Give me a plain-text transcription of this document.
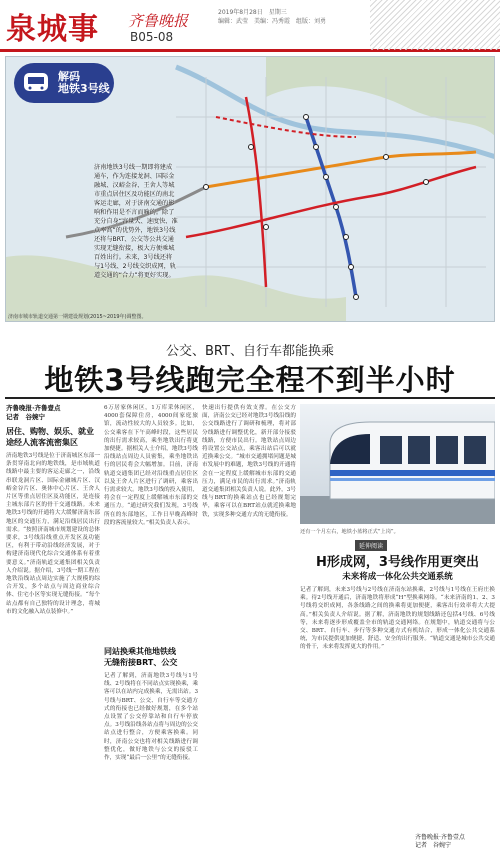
泉城事 齐鲁晚报
B05-08
2019年8月28日　星期三
编辑：武莹　美编：冯秀霞　组版：刘勇
解码
地铁3号线
济南地铁3号线一期即将建成通车，作为连接龙洞、国际金融城、汉峪金谷、王舍人等城市重点居住区及功能区的南北客运走廊，对于济南交通的影响和作用是不言而喻的。除了充分自身“容量大、速度快、准点率高”的优势外，地铁3号线还将与BRT、公交等公共交通实现无缝衔接，极大方便乘城百姓出行。未来，3号线还将与1号线、2号线交织成网，轨道交通的“合力”将更好实现。
济南市城市轨道交通第一期建设规划(2015~2019年)调整图。
公交、BRT、自行车都能换乘
地铁3号线跑完全程不到半小时
齐鲁晚报·齐鲁壹点
记者　谷婉宁
居住、购物、娱乐、就业
途经人流客流密集区
济南地铁3号线是位于济南城区东部一条贯穿南北向的地铁线，是市域轨道线路中最主要的客运走廊之一，沿线串联龙洞片区、国际金融城片区、汉峪金谷片区、奥体中心片区、王舍人片区等重点居住区及功能区，是连接主城东部片区的骨干交通线路。未来地铁3号线的开通将大大缓解济南东部地区的交通压力，满足沿线居民出行需求。“按照济南城市规划建设的总体要求，3号线沿线重点开发区及功能区，有利于带动沿线经济发展，对于构建济南现代化综合交通体系有着重要意义。”济南轨道交通集团相关负责人介绍说。据介绍，3号线一期工程在地铁沿线站点周边实施了大规模的综合开发，多个站点与周边商业综合体、住宅小区等实现无缝衔接。“每个站点都有自己独特的设计理念，将城市的文化融入站点装修中。”
6万居家休闲区，1万库采休闲区，4000套保障住房，4000间家庭旅馆，流动性较大的人员较多。比如，公交乘客在下午高峰时段，这些居民的出行需求较高，乘坐地铁出行将更加便捷。据相关人士介绍，地铁3号线沿线站点周边人员密集，乘坐地铁出行的居民将会大幅增加。目前，济南轨道交通集团已经对沿线重点居住区以及王舍人片区进行了调研，乘客出行需求较大。地铁3号线的投入使用，将会在一定程度上缓解城市东部的交通压力。“通过研究我们发现，3号线所在的东部地区，工作日早晚高峰时段的客流量较大。”相关负责人表示。
同站换乘其他地铁线
无缝衔接BRT、公交
记者了解到，济南地铁3号线与1号线、2号线将在不同站点实现换乘，乘客可以在站内完成换乘，无需出站。3号线与BRT、公交、自行车等交通方式的衔接也已经做好规划，在多个站点设置了公交停靠站和自行车停放点。3号线沿线各站点将与周边的公交站点进行整合，方便乘客换乘。同时，济南公交也将对相关线路进行调整优化，做好地铁与公交的接驳工作，实现“最后一公里”的无缝衔接。
快速出行提供有效支撑。在公交方面，济南公交已经对地铁3号线沿线的公交线路进行了调研和梳理，将对部分线路进行调整优化，新开部分接驳线路，方便市民出行。地铁站点周边将设置公交站点，乘客出站后可以就近换乘公交。“城市交通拥堵问题是城市发展中的难题，地铁3号线的开通将会在一定程度上缓解城市东部的交通压力，满足市民的出行需求。”济南轨道交通集团相关负责人说。此外，3号线与BRT的换乘站点也已经规划完毕，乘客可以在BRT站点就近换乘地铁，实现多种交通方式的无缝衔接。
还有一个月左右，地铁小蓝将正式“上岗”。
延伸阅读
H形成网，3号线作用更突出
未来将成一体化公共交通系统
记者了解到，未来3号线与2号线在济南东站换乘，2号线与1号线在王府庄换乘。待2号线开通后，济南地铁将形成“H”型换乘网络。“未来济南的1、2、3号线将交织成网，各条线路之间的换乘将更加便捷，乘客出行效率将大大提高。”相关负责人介绍说。据了解，济南地铁的规划线路还包括4号线、6号线等，未来将逐步形成覆盖全市的轨道交通网络。在规划中，轨道交通将与公交、BRT、自行车、步行等多种交通方式有机结合，形成一体化公共交通系统，为市民提供更加便捷、舒适、安全的出行服务。“轨道交通是城市公共交通的骨干，未来将发挥更大的作用。”
齐鲁晚报·齐鲁壹点
记者　谷婉宁
